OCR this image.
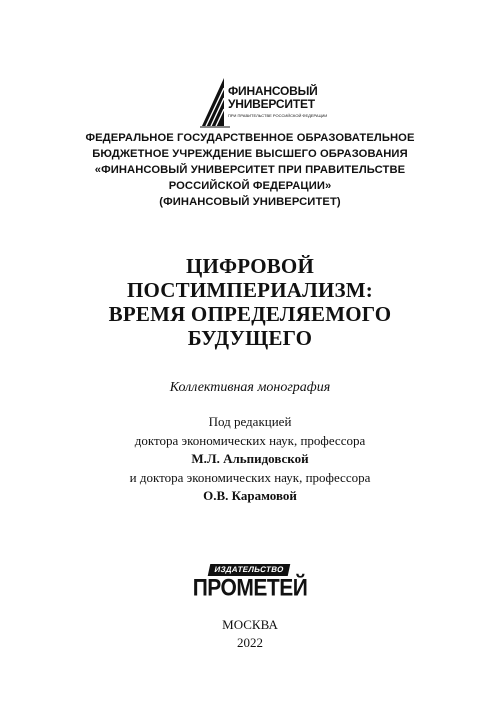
ФИНАНСОВЫЙ
УНИВЕРСИТЕТ
ПРИ ПРАВИТЕЛЬСТВЕ РОССИЙСКОЙ ФЕДЕРАЦИИ
ФЕДЕРАЛЬНОЕ ГОСУДАРСТВЕННОЕ ОБРАЗОВАТЕЛЬНОЕ
БЮДЖЕТНОЕ УЧРЕЖДЕНИЕ ВЫСШЕГО ОБРАЗОВАНИЯ
«ФИНАНСОВЫЙ УНИВЕРСИТЕТ ПРИ ПРАВИТЕЛЬСТВЕ
РОССИЙСКОЙ ФЕДЕРАЦИИ»
(ФИНАНСОВЫЙ УНИВЕРСИТЕТ)
ЦИФРОВОЙ
ПОСТИМПЕРИАЛИЗМ:
ВРЕМЯ ОПРЕДЕЛЯЕМОГО
БУДУЩЕГО
Коллективная монография
Под редакцией
доктора экономических наук, профессора
М.Л. Альпидовской
и доктора экономических наук, профессора
О.В. Карамовой
ИЗДАТЕЛЬСТВО
ПРОМЕТЕЙ
МОСКВА
2022
